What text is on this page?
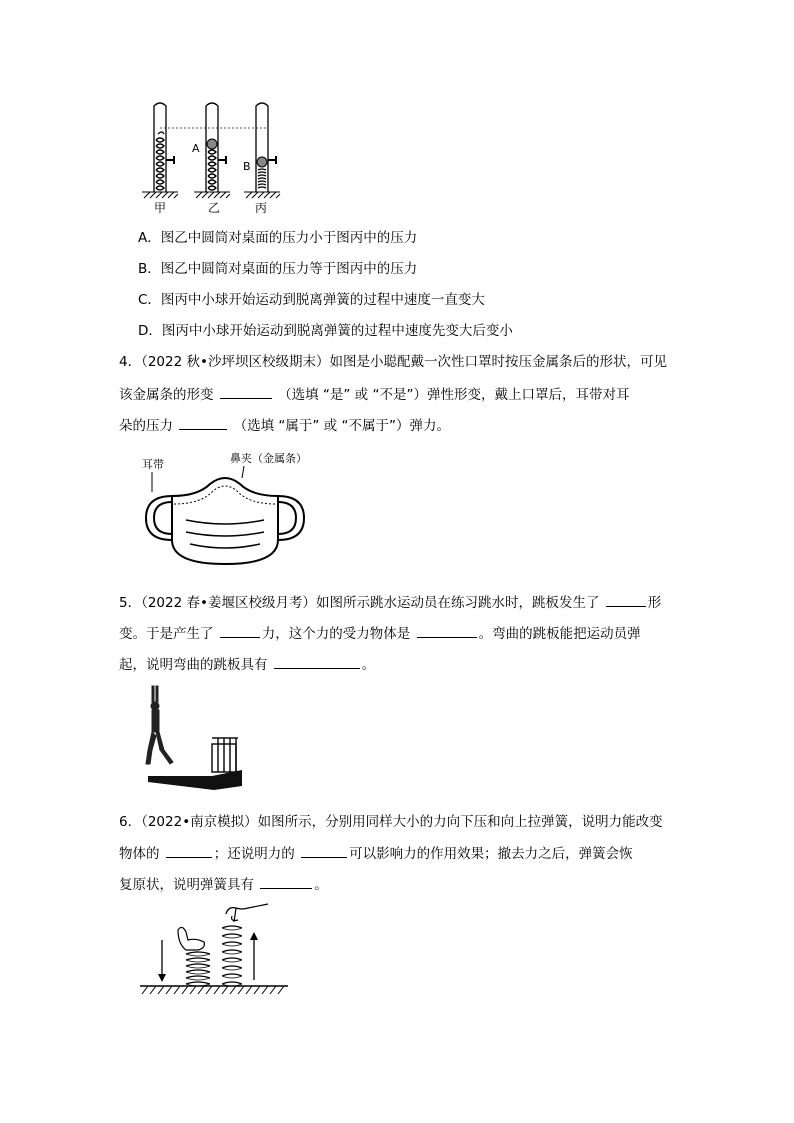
A
B
甲	乙	丙
A．图乙中圆筒对桌面的压力小于图丙中的压力
B．图乙中圆筒对桌面的压力等于图丙中的压力
C．图丙中小球开始运动到脱离弹簧的过程中速度一直变大
D．图丙中小球开始运动到脱离弹簧的过程中速度先变大后变小
4．（2022 秋•沙坪坝区校级期末）如图是小聪配戴一次性口罩时按压金属条后的形状，可见
该金属条的形变	（选填 “是” 或 “不是”）弹性形变，戴上口罩后，耳带对耳
朵的压力	（选填 “属于” 或 “不属于”）弹力。
耳带	鼻夹（金属条）
5．（2022 春•姜堰区校级月考）如图所示跳水运动员在练习跳水时，跳板发生了	形
变。于是产生了	力，这个力的受力物体是	。弯曲的跳板能把运动员弹
起，说明弯曲的跳板具有	。
6．（2022•南京模拟）如图所示，分别用同样大小的力向下压和向上拉弹簧，说明力能改变
物体的	；还说明力的	可以影响力的作用效果；撤去力之后，弹簧会恢
复原状，说明弹簧具有	。
